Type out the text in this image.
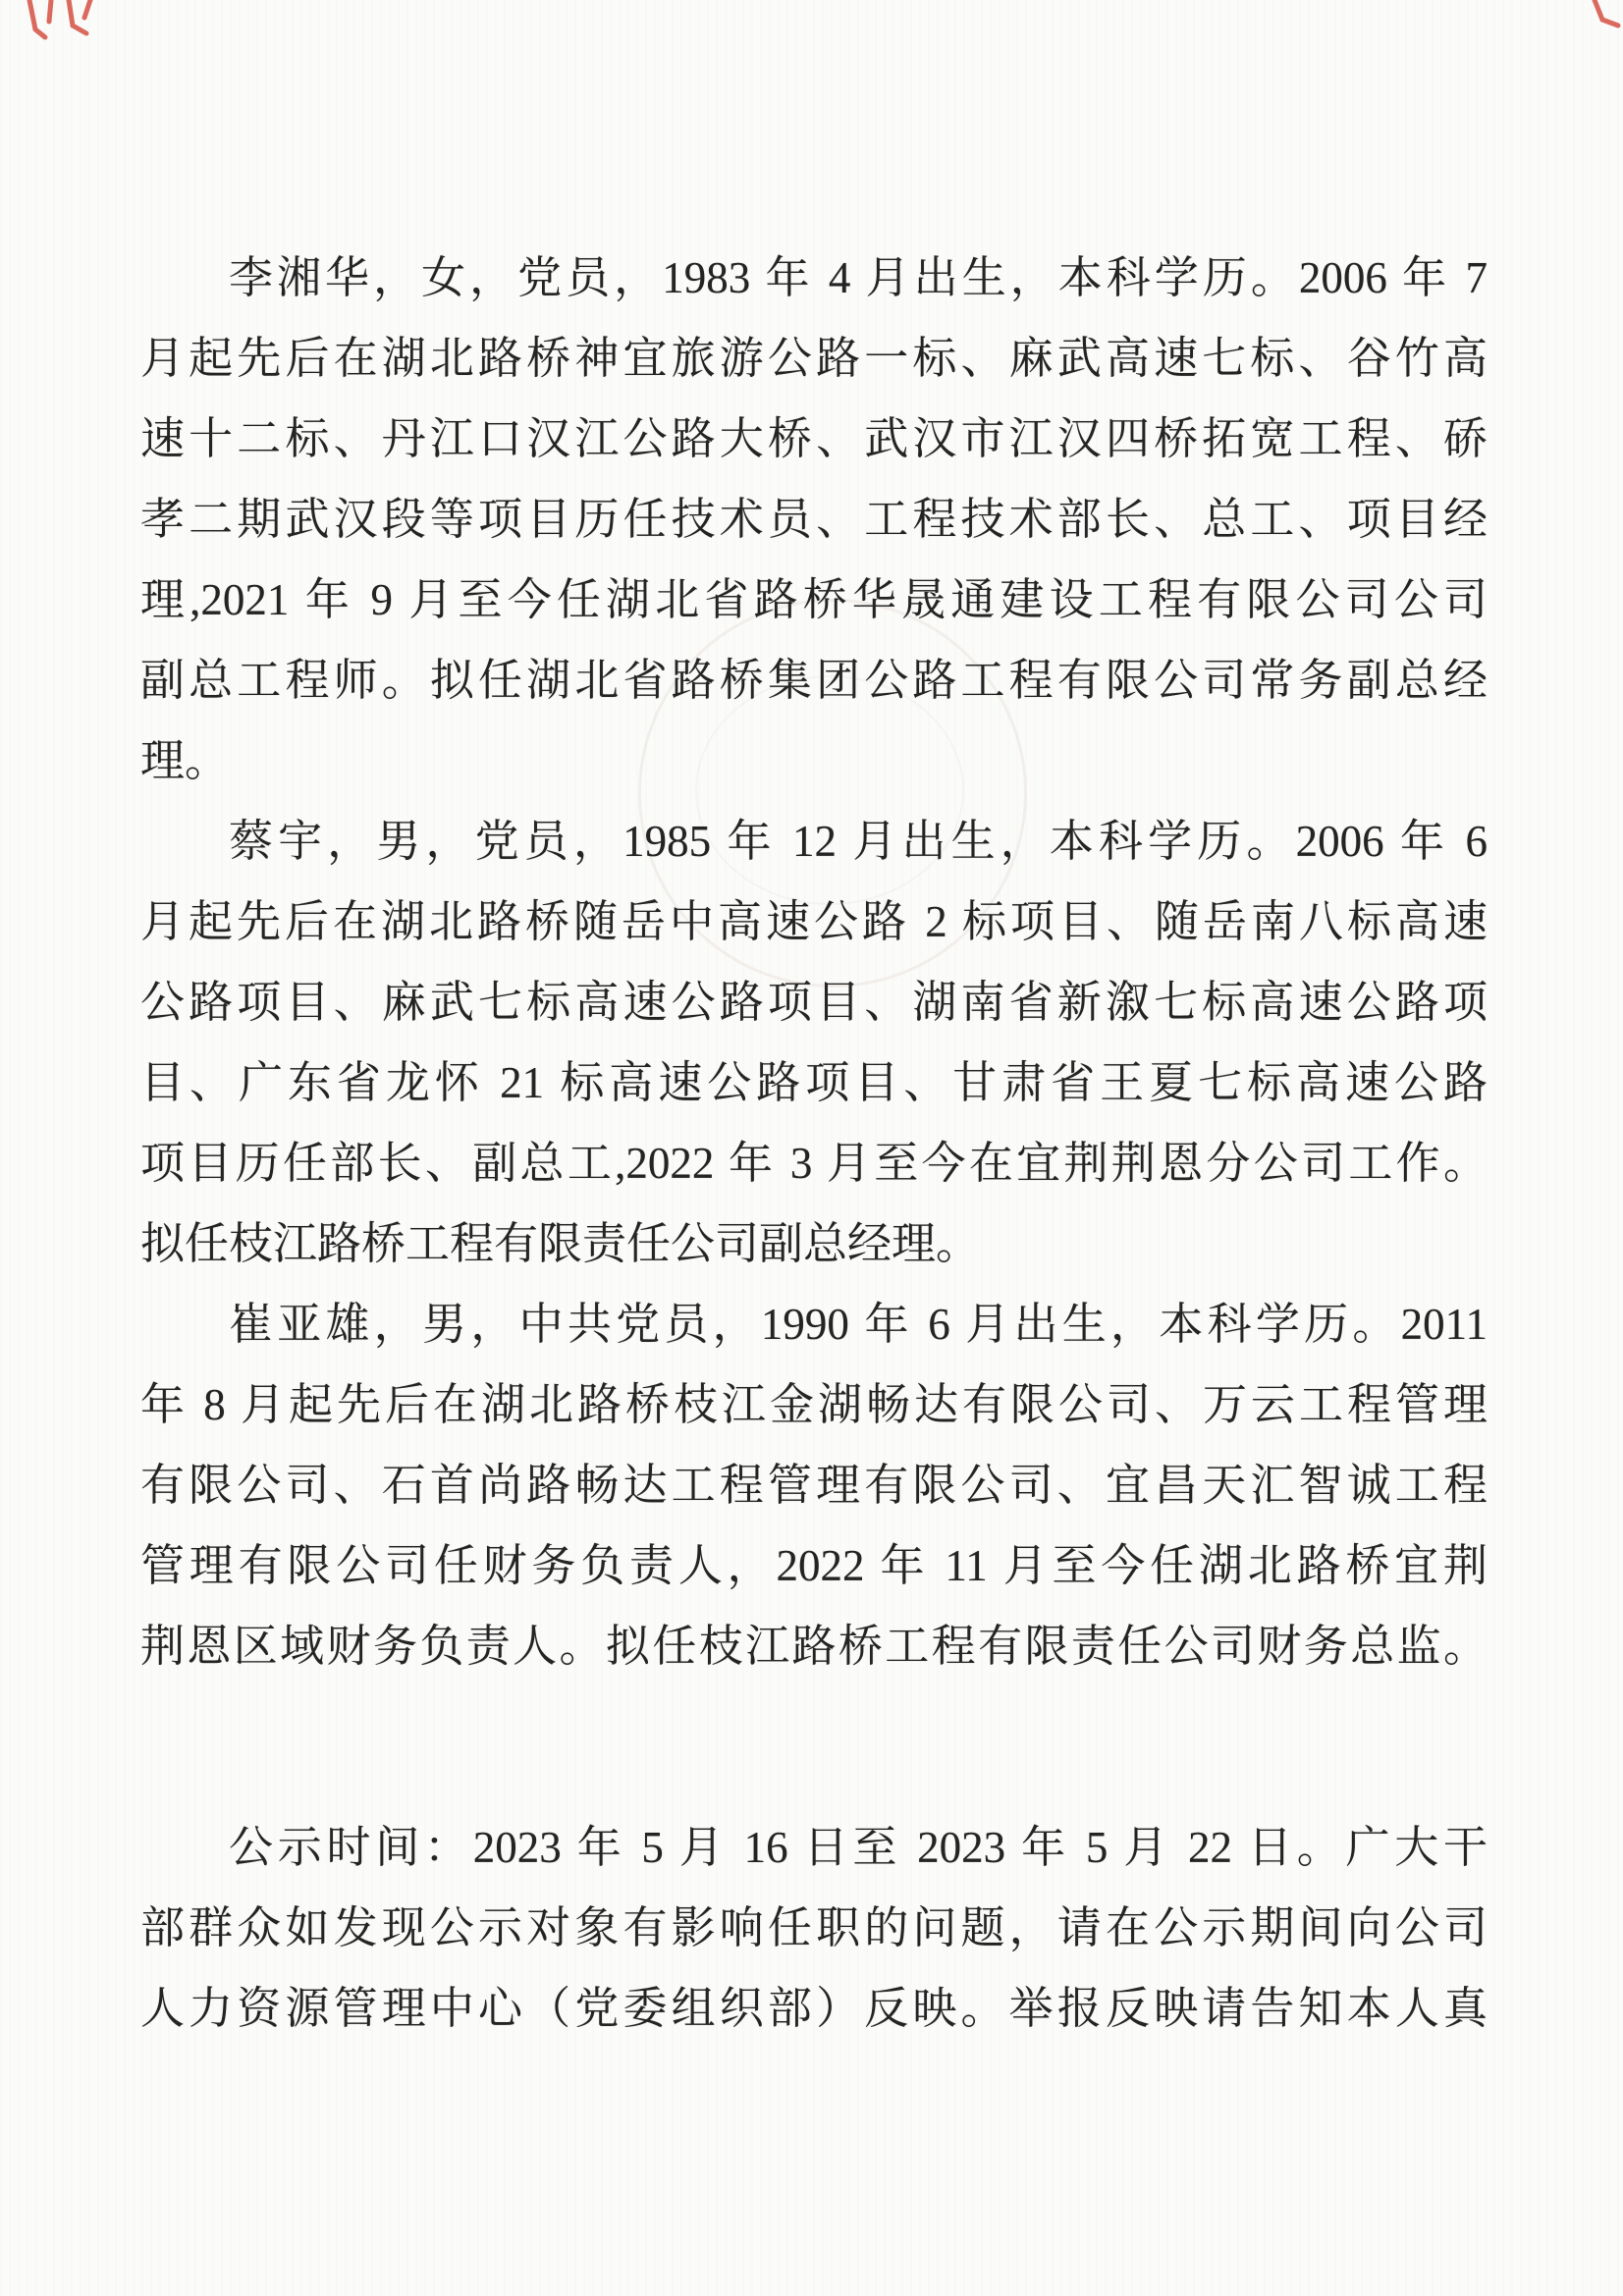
李湘华，女，党员，1983 年 4 月出生，本科学历。2006 年 7
月起先后在湖北路桥神宜旅游公路一标、麻武高速七标、谷竹高
速十二标、丹江口汉江公路大桥、武汉市江汉四桥拓宽工程、硚
孝二期武汉段等项目历任技术员、工程技术部长、总工、项目经
理,2021 年 9 月至今任湖北省路桥华晟通建设工程有限公司公司
副总工程师。拟任湖北省路桥集团公路工程有限公司常务副总经
理。
蔡宇，男，党员，1985 年 12 月出生，本科学历。2006 年 6
月起先后在湖北路桥随岳中高速公路 2 标项目、随岳南八标高速
公路项目、麻武七标高速公路项目、湖南省新溆七标高速公路项
目、广东省龙怀 21 标高速公路项目、甘肃省王夏七标高速公路
项目历任部长、副总工,2022 年 3 月至今在宜荆荆恩分公司工作。
拟任枝江路桥工程有限责任公司副总经理。
崔亚雄，男，中共党员，1990 年 6 月出生，本科学历。2011
年 8 月起先后在湖北路桥枝江金湖畅达有限公司、万云工程管理
有限公司、石首尚路畅达工程管理有限公司、宜昌天汇智诚工程
管理有限公司任财务负责人，2022 年 11 月至今任湖北路桥宜荆
荆恩区域财务负责人。拟任枝江路桥工程有限责任公司财务总监。
公示时间：2023 年 5 月 16 日至 2023 年 5 月 22 日。广大干
部群众如发现公示对象有影响任职的问题，请在公示期间向公司
人力资源管理中心（党委组织部）反映。举报反映请告知本人真
